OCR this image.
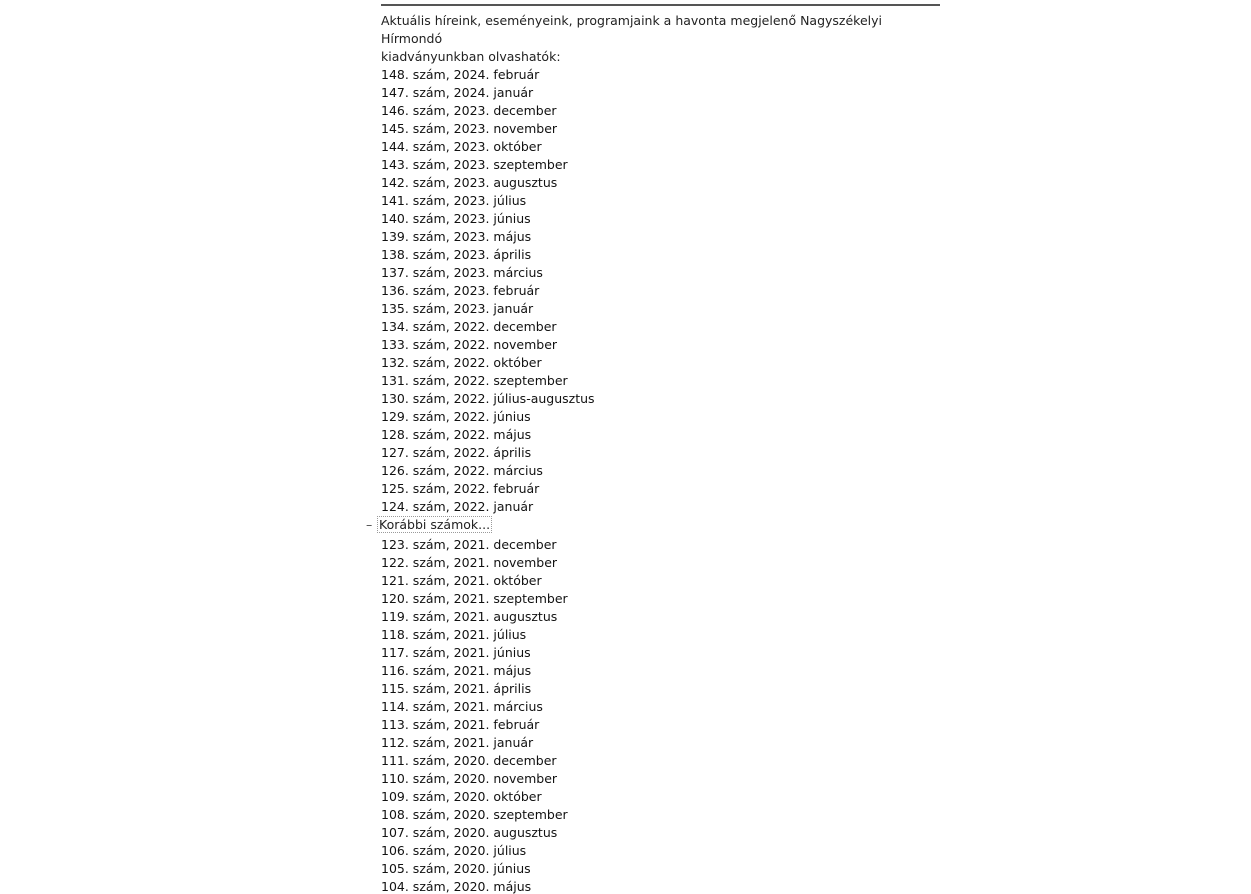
Aktuális híreink, eseményeink, programjaink a havonta megjelenő Nagyszékelyi Hírmondó
kiadványunkban olvashatók:
148. szám, 2024. február
147. szám, 2024. január
146. szám, 2023. december
145. szám, 2023. november
144. szám, 2023. október
143. szám, 2023. szeptember
142. szám, 2023. augusztus
141. szám, 2023. július
140. szám, 2023. június
139. szám, 2023. május
138. szám, 2023. április
137. szám, 2023. március
136. szám, 2023. február
135. szám, 2023. január
134. szám, 2022. december
133. szám, 2022. november
132. szám, 2022. október
131. szám, 2022. szeptember
130. szám, 2022. július-augusztus
129. szám, 2022. június
128. szám, 2022. május
127. szám, 2022. április
126. szám, 2022. március
125. szám, 2022. február
124. szám, 2022. január
– Korábbi számok...
123. szám, 2021. december
122. szám, 2021. november
121. szám, 2021. október
120. szám, 2021. szeptember
119. szám, 2021. augusztus
118. szám, 2021. július
117. szám, 2021. június
116. szám, 2021. május
115. szám, 2021. április
114. szám, 2021. március
113. szám, 2021. február
112. szám, 2021. január
111. szám, 2020. december
110. szám, 2020. november
109. szám, 2020. október
108. szám, 2020. szeptember
107. szám, 2020. augusztus
106. szám, 2020. július
105. szám, 2020. június
104. szám, 2020. május
